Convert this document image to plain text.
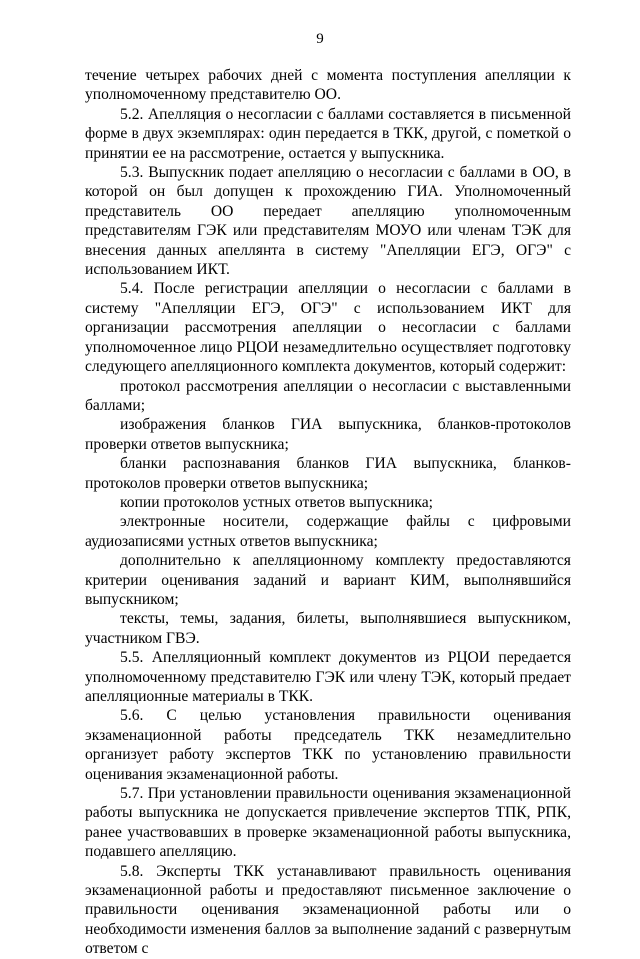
9

течение четырех рабочих дней с момента поступления апелляции к уполномоченному представителю ОО.

5.2. Апелляция о несогласии с баллами составляется в письменной форме в двух экземплярах: один передается в ТКК, другой, с пометкой о принятии ее на рассмотрение, остается у выпускника.

5.3. Выпускник подает апелляцию о несогласии с баллами в ОО, в которой он был допущен к прохождению ГИА. Уполномоченный представитель ОО передает апелляцию уполномоченным представителям ГЭК или представителям МОУО или членам ТЭК для внесения данных апеллянта в систему "Апелляции ЕГЭ, ОГЭ" с использованием ИКТ.

5.4. После регистрации апелляции о несогласии с баллами в систему "Апелляции ЕГЭ, ОГЭ" с использованием ИКТ для организации рассмотрения апелляции о несогласии с баллами уполномоченное лицо РЦОИ незамедлительно осуществляет подготовку следующего апелляционного комплекта документов, который содержит:

протокол рассмотрения апелляции о несогласии с выставленными баллами;

изображения бланков ГИА выпускника, бланков-протоколов проверки ответов выпускника;

бланки распознавания бланков ГИА выпускника, бланков-протоколов проверки ответов выпускника;

копии протоколов устных ответов выпускника;

электронные носители, содержащие файлы с цифровыми аудиозаписями устных ответов выпускника;

дополнительно к апелляционному комплекту предоставляются критерии оценивания заданий и вариант КИМ, выполнявшийся выпускником;

тексты, темы, задания, билеты, выполнявшиеся выпускником, участником ГВЭ.

5.5. Апелляционный комплект документов из РЦОИ передается уполномоченному представителю ГЭК или члену ТЭК, который предает апелляционные материалы в ТКК.

5.6. С целью установления правильности оценивания экзаменационной работы председатель ТКК незамедлительно организует работу экспертов ТКК по установлению правильности оценивания экзаменационной работы.

5.7. При установлении правильности оценивания экзаменационной работы выпускника не допускается привлечение экспертов ТПК, РПК, ранее участвовавших в проверке экзаменационной работы выпускника, подавшего апелляцию.

5.8. Эксперты ТКК устанавливают правильность оценивания экзаменационной работы и предоставляют письменное заключение о правильности оценивания экзаменационной работы или о необходимости изменения баллов за выполнение заданий с развернутым ответом с
